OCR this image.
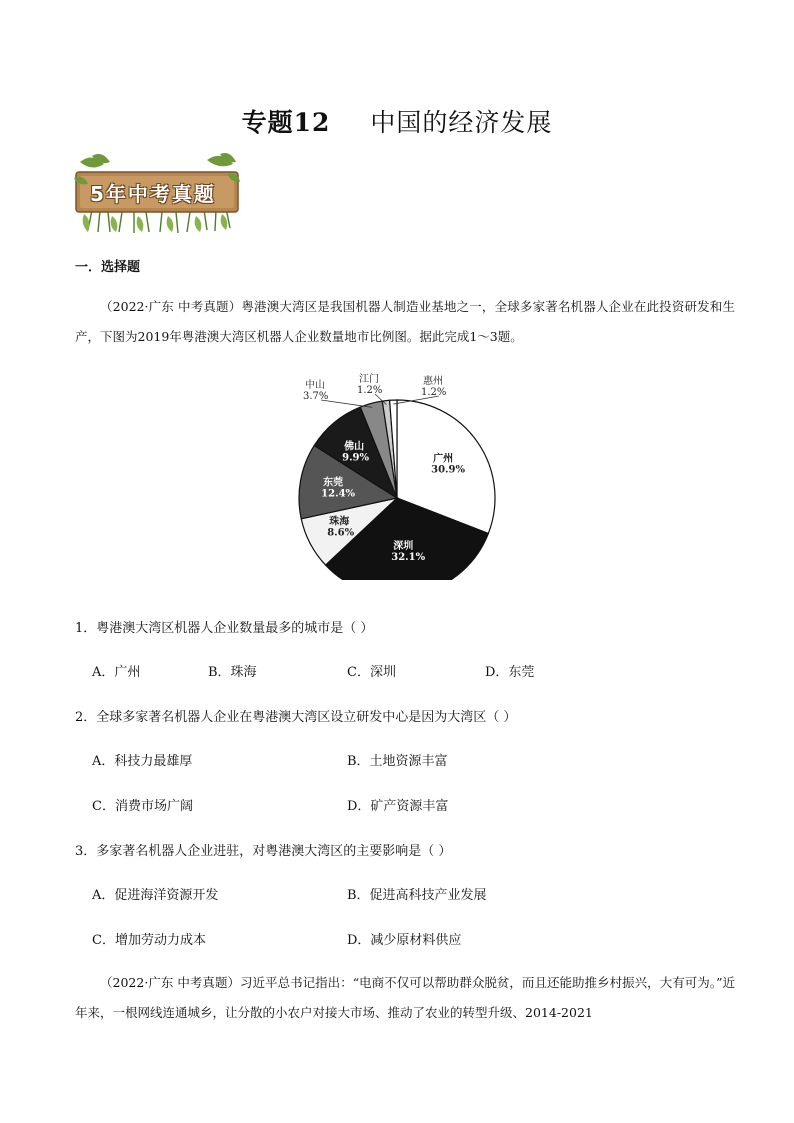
专题12 中国的经济发展
5年中考真题
一．选择题
（2022·广东 中考真题）粤港澳大湾区是我国机器人制造业基地之一，全球多家著名机器人企业在此投资研发和生产，下图为2019年粤港澳大湾区机器人企业数量地市比例图。据此完成1～3题。
广州
30.9%
深圳
32.1%
珠海
8.6%
东莞
12.4%
佛山
9.9%
中山
3.7%
江门
1.2%
惠州
1.2%
1．粤港澳大湾区机器人企业数量最多的城市是（ ）
A．广州	B．珠海	C．深圳	D．东莞
2．全球多家著名机器人企业在粤港澳大湾区设立研发中心是因为大湾区（ ）
A．科技力最雄厚	B．土地资源丰富
C．消费市场广阔	D．矿产资源丰富
3．多家著名机器人企业进驻，对粤港澳大湾区的主要影响是（ ）
A．促进海洋资源开发	B．促进高科技产业发展
C．增加劳动力成本	D．减少原材料供应
（2022·广东 中考真题）习近平总书记指出：“电商不仅可以帮助群众脱贫，而且还能助推乡村振兴，大有可为。”近年来，一根网线连通城乡，让分散的小农户对接大市场、推动了农业的转型升级、2014-2021
